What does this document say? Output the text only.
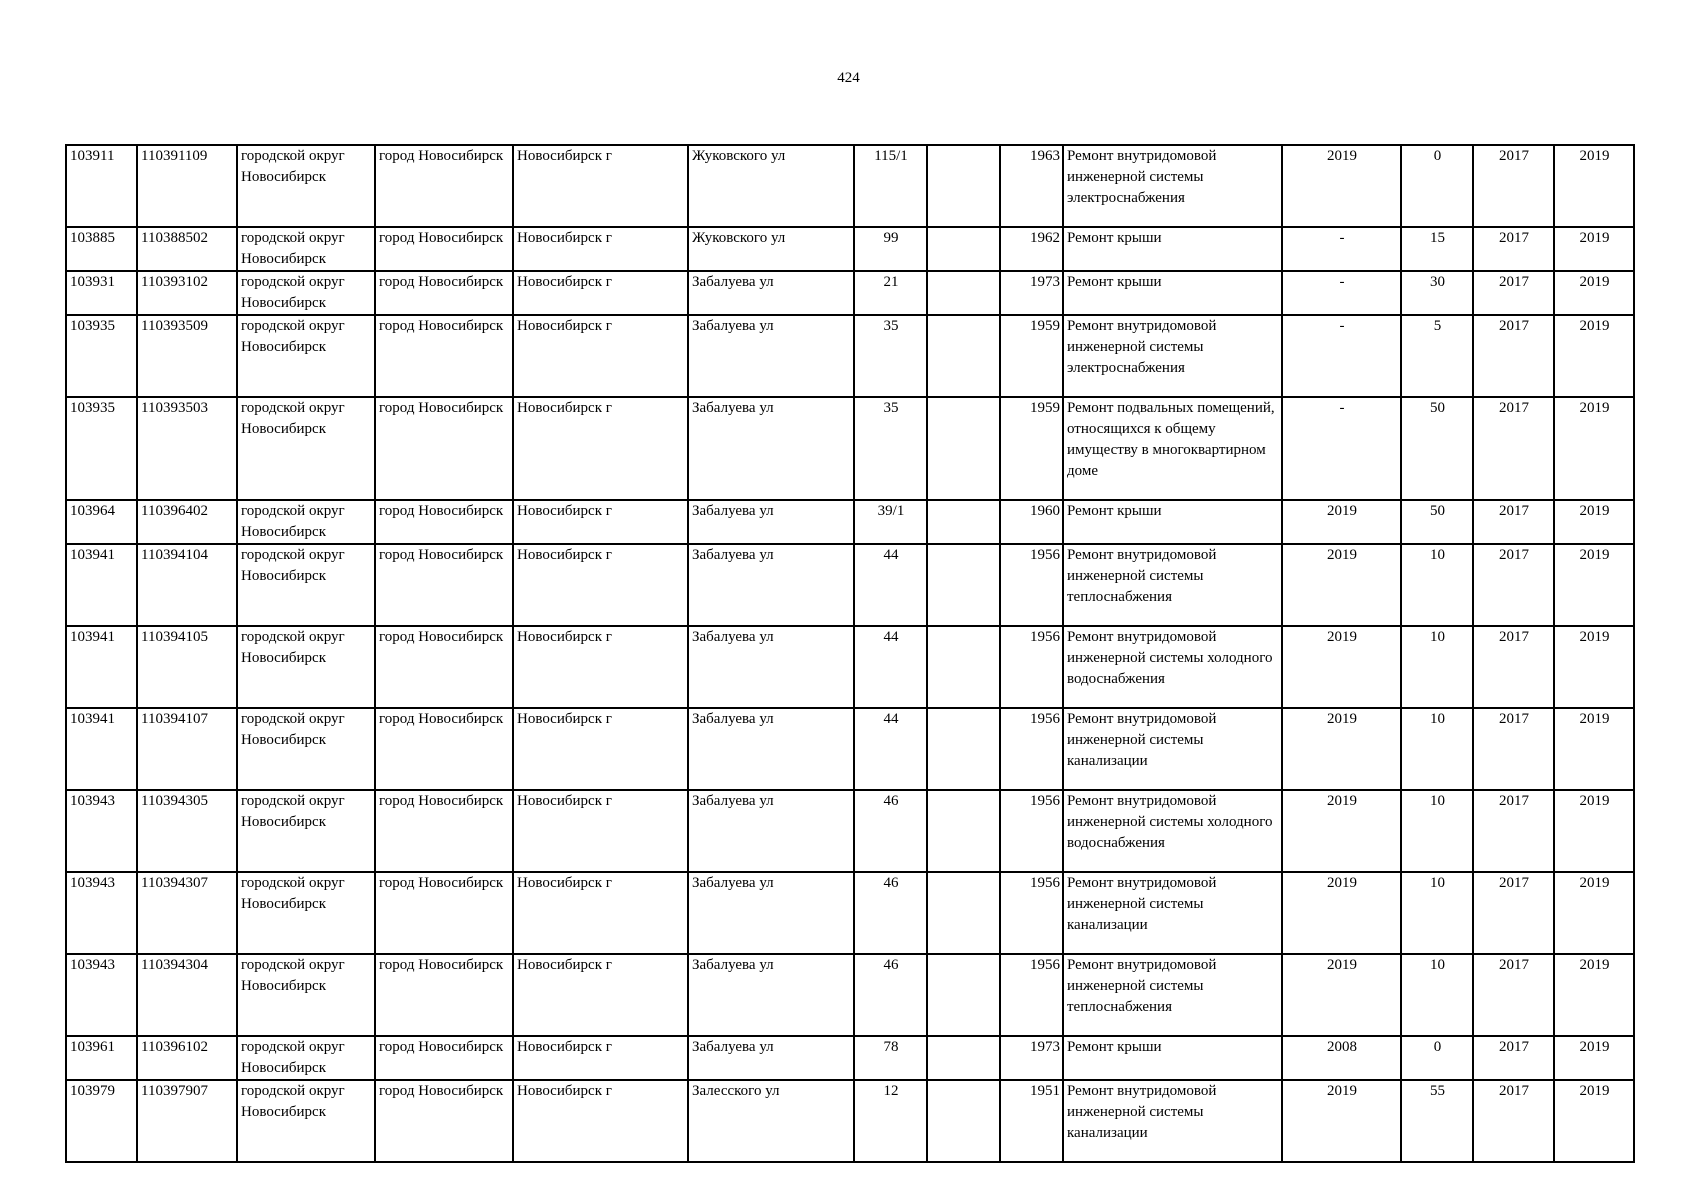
424
103911	110391109	городской округ Новосибирск	город Новосибирск	Новосибирск г	Жуковского ул	115/1		1963	Ремонт внутридомовой инженерной системы электроснабжения	2019	0	2017	2019
103885	110388502	городской округ Новосибирск	город Новосибирск	Новосибирск г	Жуковского ул	99		1962	Ремонт крыши	-	15	2017	2019
103931	110393102	городской округ Новосибирск	город Новосибирск	Новосибирск г	Забалуева ул	21		1973	Ремонт крыши	-	30	2017	2019
103935	110393509	городской округ Новосибирск	город Новосибирск	Новосибирск г	Забалуева ул	35		1959	Ремонт внутридомовой инженерной системы электроснабжения	-	5	2017	2019
103935	110393503	городской округ Новосибирск	город Новосибирск	Новосибирск г	Забалуева ул	35		1959	Ремонт подвальных помещений, относящихся к общему имуществу в многоквартирном доме	-	50	2017	2019
103964	110396402	городской округ Новосибирск	город Новосибирск	Новосибирск г	Забалуева ул	39/1		1960	Ремонт крыши	2019	50	2017	2019
103941	110394104	городской округ Новосибирск	город Новосибирск	Новосибирск г	Забалуева ул	44		1956	Ремонт внутридомовой инженерной системы теплоснабжения	2019	10	2017	2019
103941	110394105	городской округ Новосибирск	город Новосибирск	Новосибирск г	Забалуева ул	44		1956	Ремонт внутридомовой инженерной системы холодного водоснабжения	2019	10	2017	2019
103941	110394107	городской округ Новосибирск	город Новосибирск	Новосибирск г	Забалуева ул	44		1956	Ремонт внутридомовой инженерной системы канализации	2019	10	2017	2019
103943	110394305	городской округ Новосибирск	город Новосибирск	Новосибирск г	Забалуева ул	46		1956	Ремонт внутридомовой инженерной системы холодного водоснабжения	2019	10	2017	2019
103943	110394307	городской округ Новосибирск	город Новосибирск	Новосибирск г	Забалуева ул	46		1956	Ремонт внутридомовой инженерной системы канализации	2019	10	2017	2019
103943	110394304	городской округ Новосибирск	город Новосибирск	Новосибирск г	Забалуева ул	46		1956	Ремонт внутридомовой инженерной системы теплоснабжения	2019	10	2017	2019
103961	110396102	городской округ Новосибирск	город Новосибирск	Новосибирск г	Забалуева ул	78		1973	Ремонт крыши	2008	0	2017	2019
103979	110397907	городской округ Новосибирск	город Новосибирск	Новосибирск г	Залесского ул	12		1951	Ремонт внутридомовой инженерной системы канализации	2019	55	2017	2019
